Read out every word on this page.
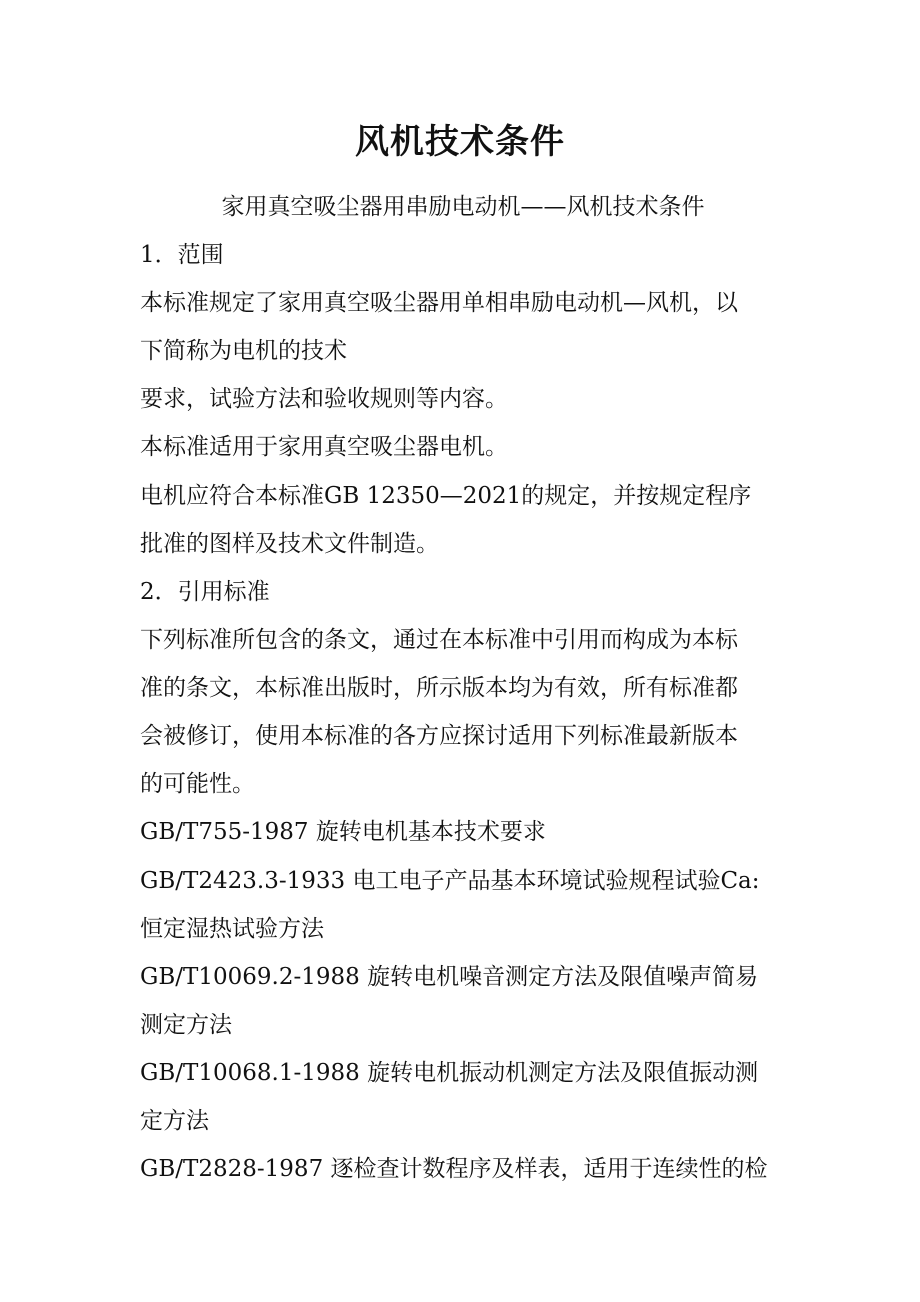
风机技术条件
家用真空吸尘器用串励电动机——风机技术条件
1．范围
本标准规定了家用真空吸尘器用单相串励电动机—风机，以
下简称为电机的技术
要求，试验方法和验收规则等内容。
本标准适用于家用真空吸尘器电机。
电机应符合本标准GB 12350—2021的规定，并按规定程序
批准的图样及技术文件制造。
2．引用标准
下列标准所包含的条文，通过在本标准中引用而构成为本标
准的条文，本标准出版时，所示版本均为有效，所有标准都
会被修订，使用本标准的各方应探讨适用下列标准最新版本
的可能性。
GB/T755-1987 旋转电机基本技术要求
GB/T2423.3-1933 电工电子产品基本环境试验规程试验Ca:
恒定湿热试验方法
GB/T10069.2-1988 旋转电机噪音测定方法及限值噪声简易
测定方法
GB/T10068.1-1988 旋转电机振动机测定方法及限值振动测
定方法
GB/T2828-1987 逐检查计数程序及样表，适用于连续性的检
